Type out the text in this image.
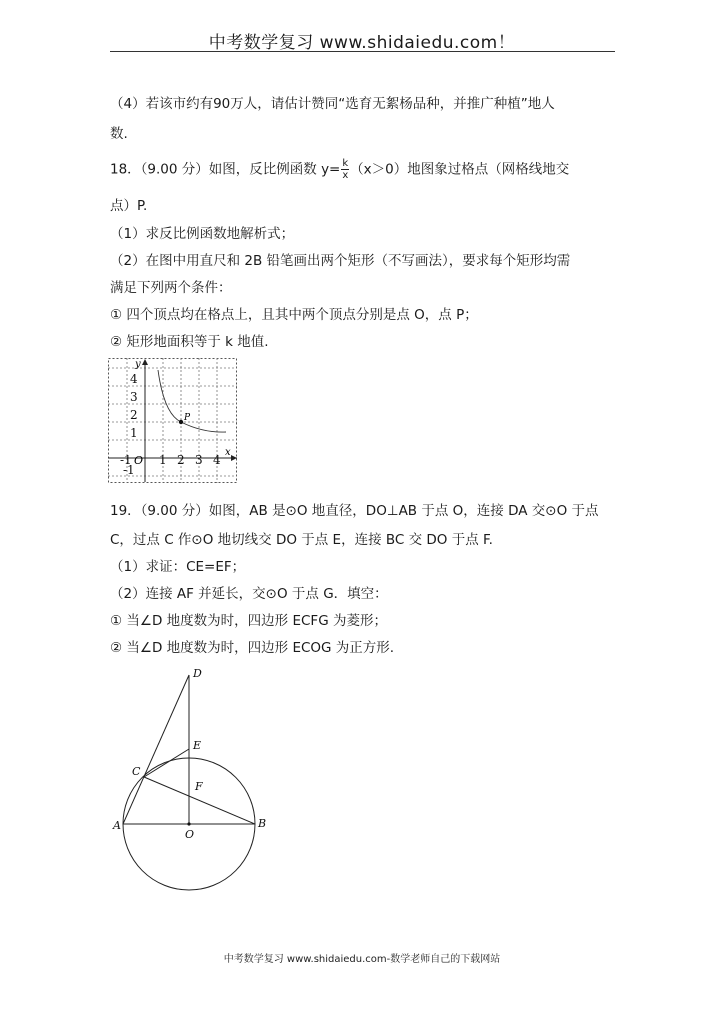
中考数学复习 www.shidaiedu.com！
（4）若该市约有90万人，请估计赞同“选育无絮杨品种，并推广种植”地人
数.
18．（9.00 分）如图，反比例函数 $y= \frac{k}{x} (x>0)$地图象过格点（网格线地交
点）P.
（1）求反比例函数地解析式；
（2）在图中用直尺和 2B 铅笔画出两个矩形（不写画法），要求每个矩形均需
满足下列两个条件：
① 四个顶点均在格点上，且其中两个顶点分别是点 O，点 P；
② 矩形地面积等于 k 地值.
P
y
x
O
4
3
2
1
-1
-1 1 2 3 4
19．（9.00 分）如图，AB 是⊙O 地直径，DO⊥AB 于点 O，连接 DA 交⊙O 于点
C，过点 C 作⊙O 地切线交 DO 于点 E，连接 BC 交 DO 于点 F.
（1）求证：CE=EF；
（2）连接 AF 并延长，交⊙O 于点 G．填空：
① 当∠D 地度数为时，四边形 ECFG 为菱形；
② 当∠D 地度数为时，四边形 ECOG 为正方形.
D
E
C
F
A
O
B
中考数学复习 www.shidaiedu.com-数学老师自己的下载网站
